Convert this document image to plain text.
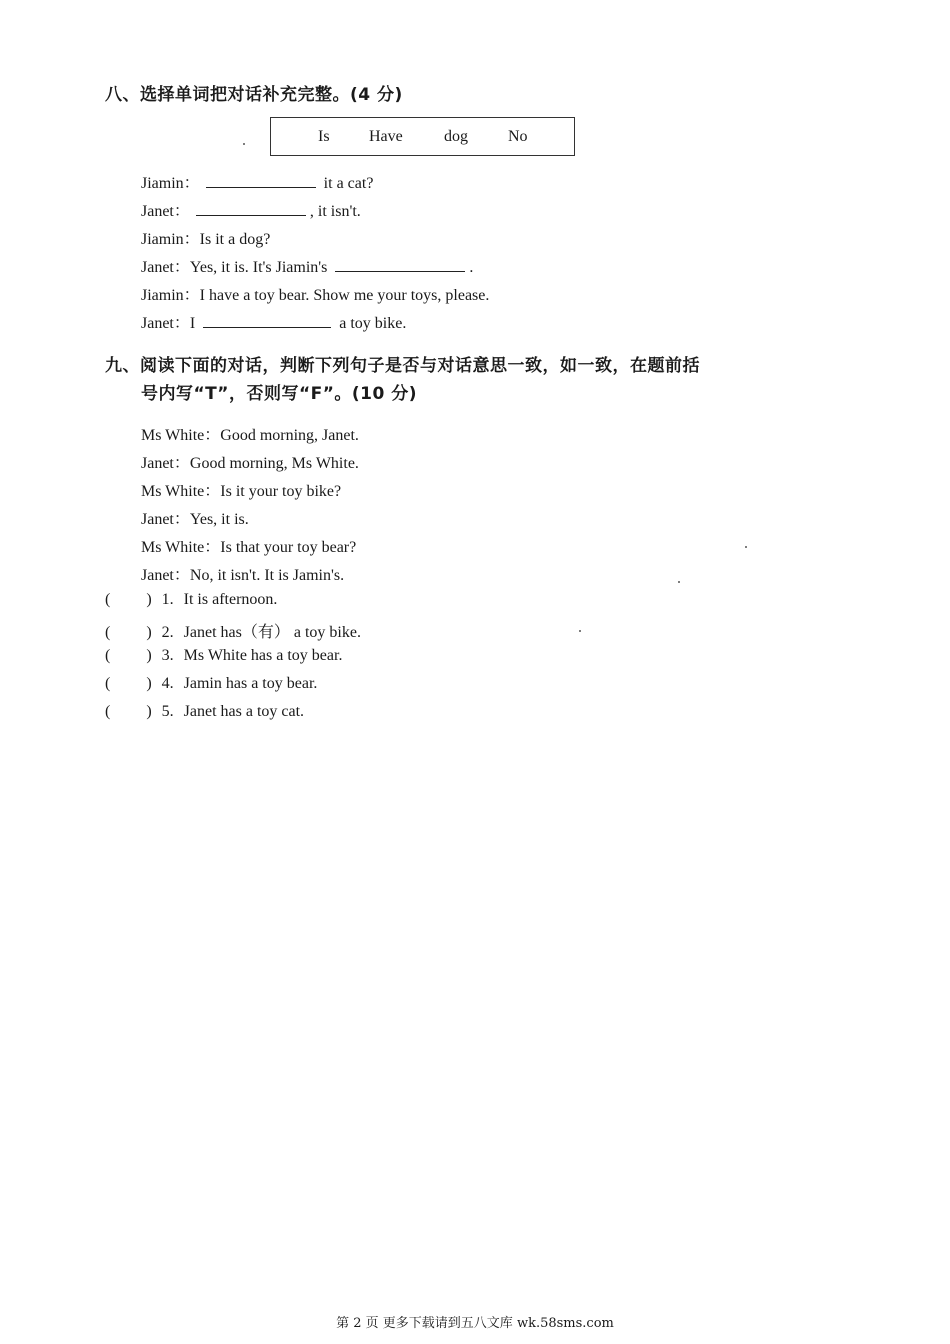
八、选择单词把对话补充完整。(4 分)
Is Have	dog	No
Jiamin：	it a cat?
Janet：	, it isn't.
Jiamin：Is it a dog?
Janet：Yes, it is. It's Jiamin's	.
Jiamin：I have a toy bear. Show me your toys, please.
Janet：I	a toy bike.
九、阅读下面的对话，判断下列句子是否与对话意思一致，如一致，在题前括
号内写“T”，否则写“F”。(10 分)
Ms White：Good morning, Janet.
Janet：Good morning, Ms White.
Ms White：Is it your toy bike?
Janet：Yes, it is.
Ms White：Is that your toy bear?
Janet：No, it isn't. It is Jamin's.
(         ) 1. It is afternoon.
(         ) 2. Janet has（有） a toy bike.
(         ) 3. Ms White has a toy bear.
(         ) 4. Jamin has a toy bear.
(         ) 5. Janet has a toy cat.
第 2 页 更多下载请到五八文库 wk.58sms.com
